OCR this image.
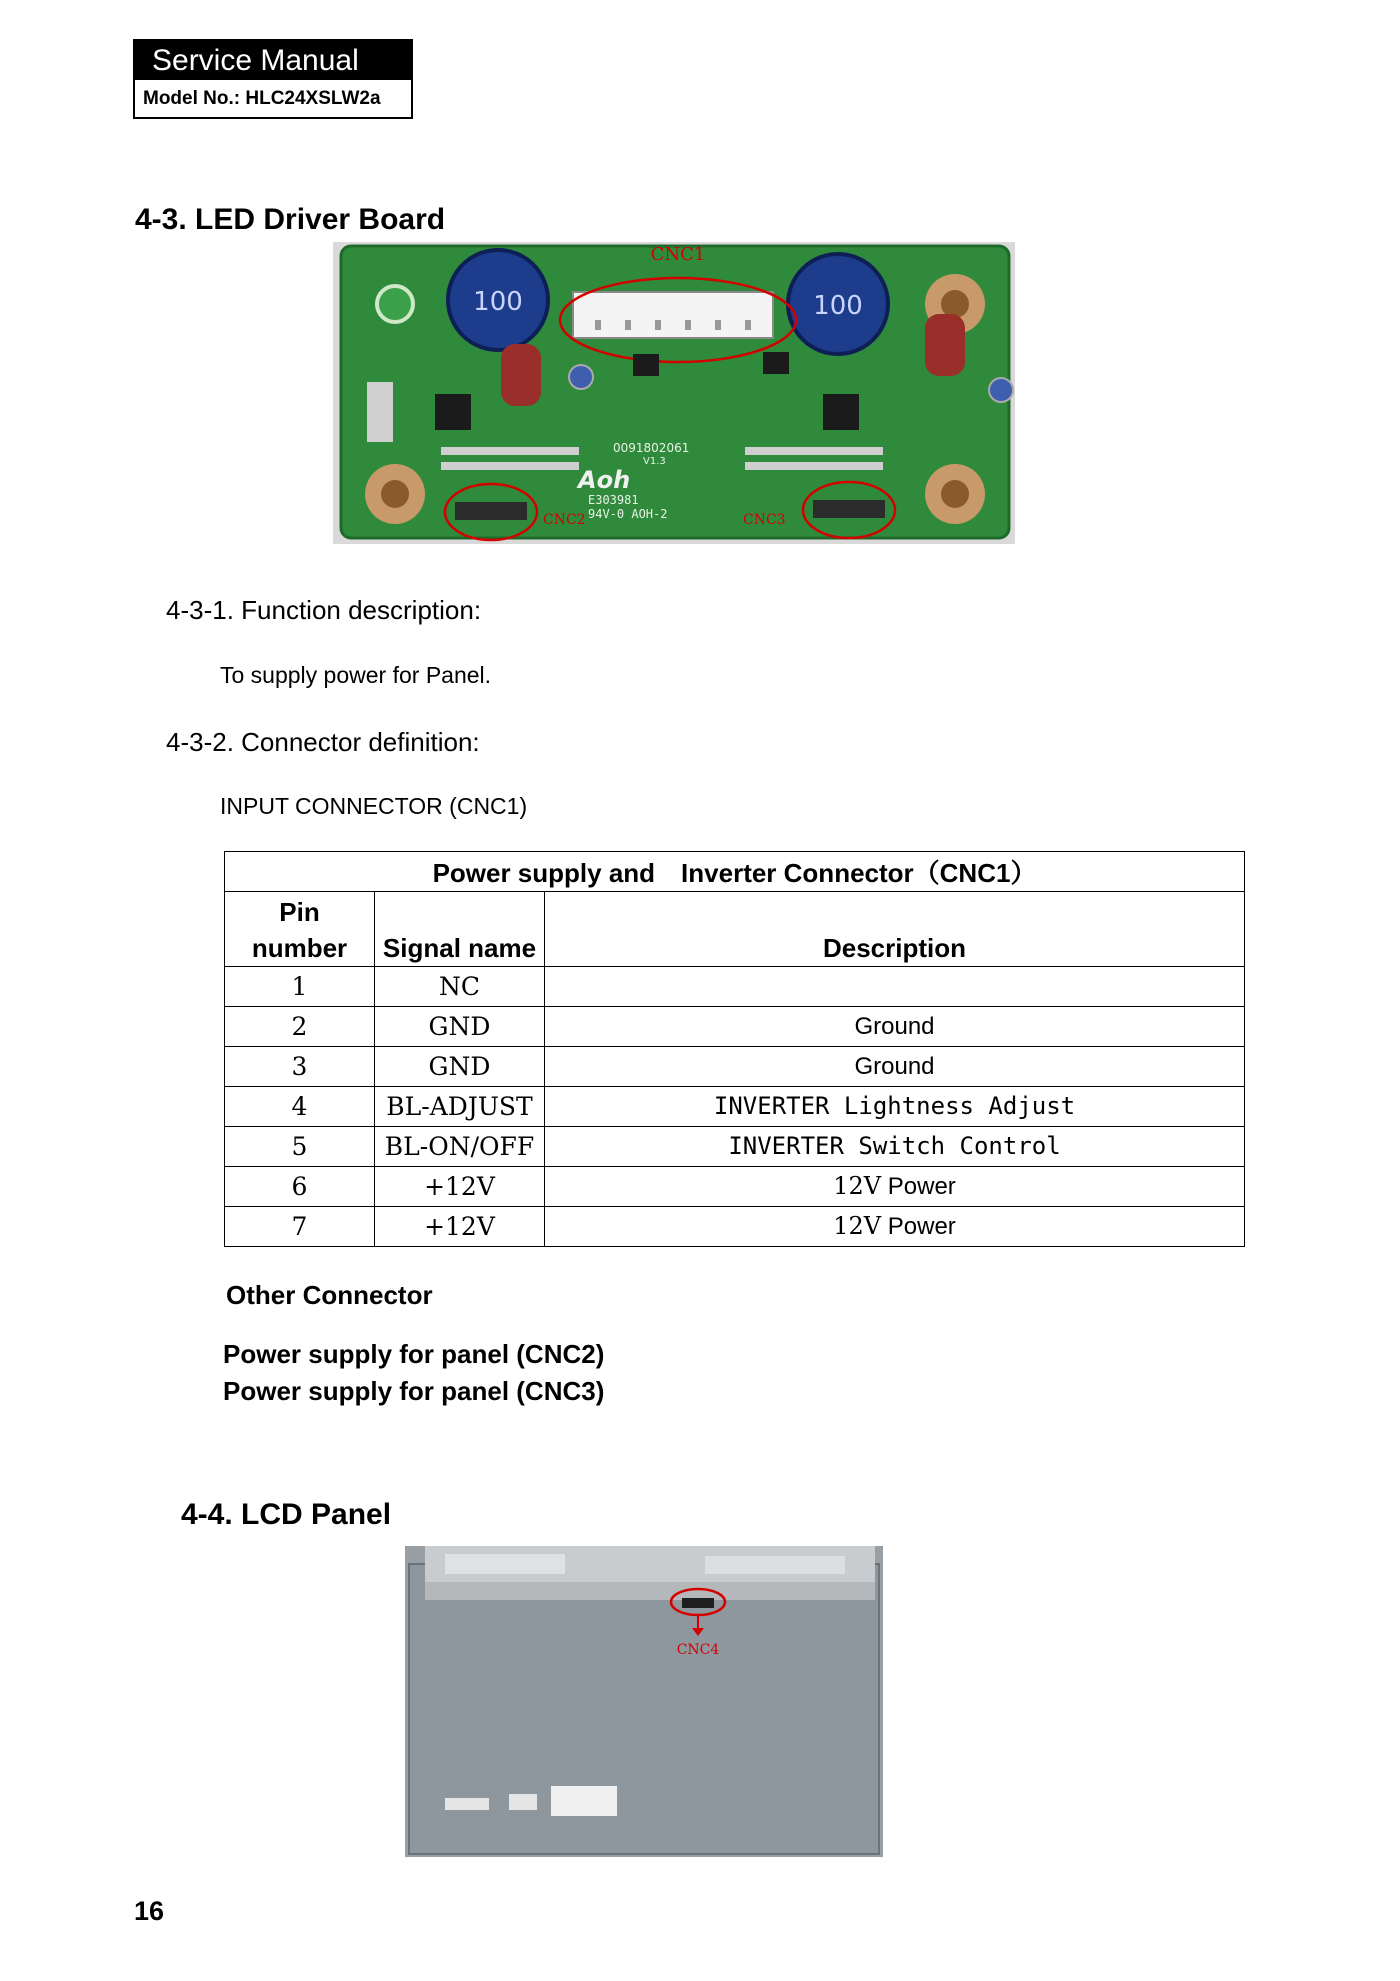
Service Manual
Model No.: HLC24XSLW2a
4-3. LED Driver Board
100	100
CNC1
0091802061
V1.3
Aoh
E303981
94V-0 AOH-2
CNC2	CNC3
4-3-1. Function description:
To supply power for Panel.
4-3-2. Connector definition:
INPUT CONNECTOR (CNC1)
Power supply and　Inverter Connector（CNC1）		
Pin
number	Signal name	Description
1	NC	
2	GND	Ground
3	GND	Ground
4	BL-ADJUST	INVERTER Lightness Adjust
5	BL-ON/OFF	INVERTER Switch Control
6	+12V	12V Power
7	+12V	12V Power
Other Connector
Power supply for panel (CNC2)
Power supply for panel (CNC3)
4-4. LCD Panel
CNC4
16
